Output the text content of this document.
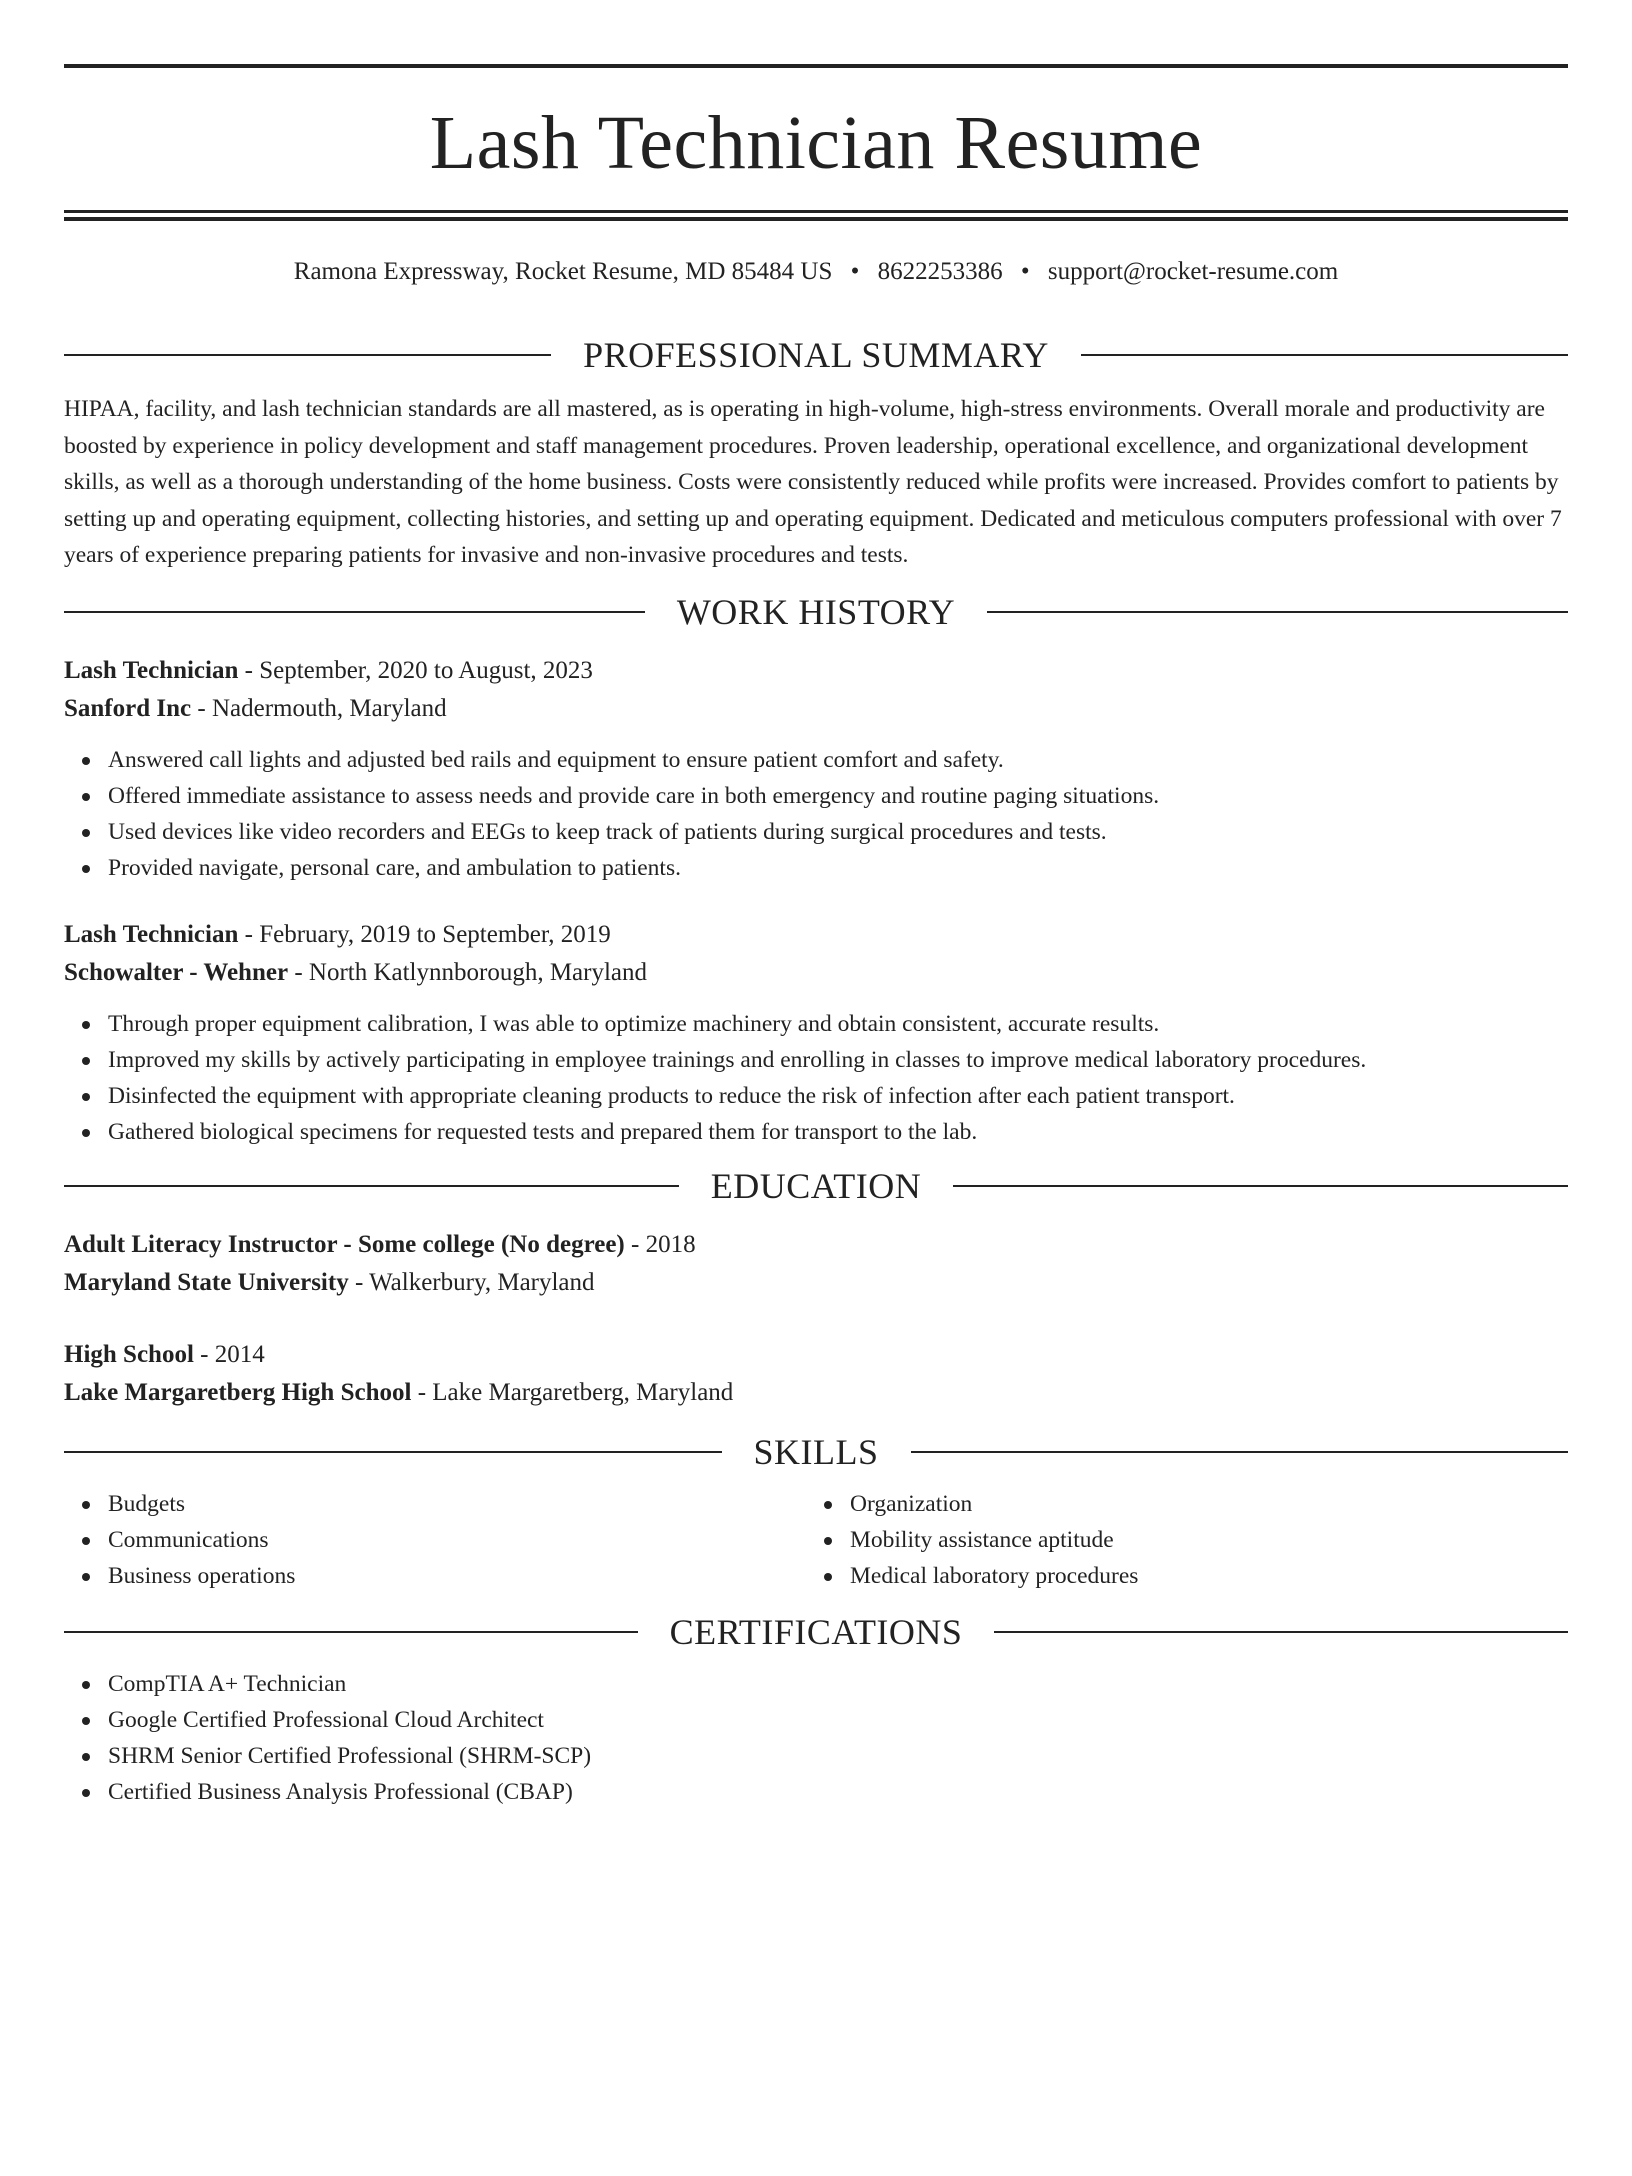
Lash Technician Resume
Ramona Expressway, Rocket Resume, MD 85484 US • 8622253386 • support@rocket-resume.com
PROFESSIONAL SUMMARY
HIPAA, facility, and lash technician standards are all mastered, as is operating in high-volume, high-stress environments. Overall morale and productivity are boosted by experience in policy development and staff management procedures. Proven leadership, operational excellence, and organizational development skills, as well as a thorough understanding of the home business. Costs were consistently reduced while profits were increased. Provides comfort to patients by setting up and operating equipment, collecting histories, and setting up and operating equipment. Dedicated and meticulous computers professional with over 7 years of experience preparing patients for invasive and non-invasive procedures and tests.
WORK HISTORY
Lash Technician - September, 2020 to August, 2023
Sanford Inc - Nadermouth, Maryland
Answered call lights and adjusted bed rails and equipment to ensure patient comfort and safety.
Offered immediate assistance to assess needs and provide care in both emergency and routine paging situations.
Used devices like video recorders and EEGs to keep track of patients during surgical procedures and tests.
Provided navigate, personal care, and ambulation to patients.
Lash Technician - February, 2019 to September, 2019
Schowalter - Wehner - North Katlynnborough, Maryland
Through proper equipment calibration, I was able to optimize machinery and obtain consistent, accurate results.
Improved my skills by actively participating in employee trainings and enrolling in classes to improve medical laboratory procedures.
Disinfected the equipment with appropriate cleaning products to reduce the risk of infection after each patient transport.
Gathered biological specimens for requested tests and prepared them for transport to the lab.
EDUCATION
Adult Literacy Instructor - Some college (No degree) - 2018
Maryland State University - Walkerbury, Maryland
High School - 2014
Lake Margaretberg High School - Lake Margaretberg, Maryland
SKILLS
Budgets
Communications
Business operations
Organization
Mobility assistance aptitude
Medical laboratory procedures
CERTIFICATIONS
CompTIA A+ Technician
Google Certified Professional Cloud Architect
SHRM Senior Certified Professional (SHRM-SCP)
Certified Business Analysis Professional (CBAP)
